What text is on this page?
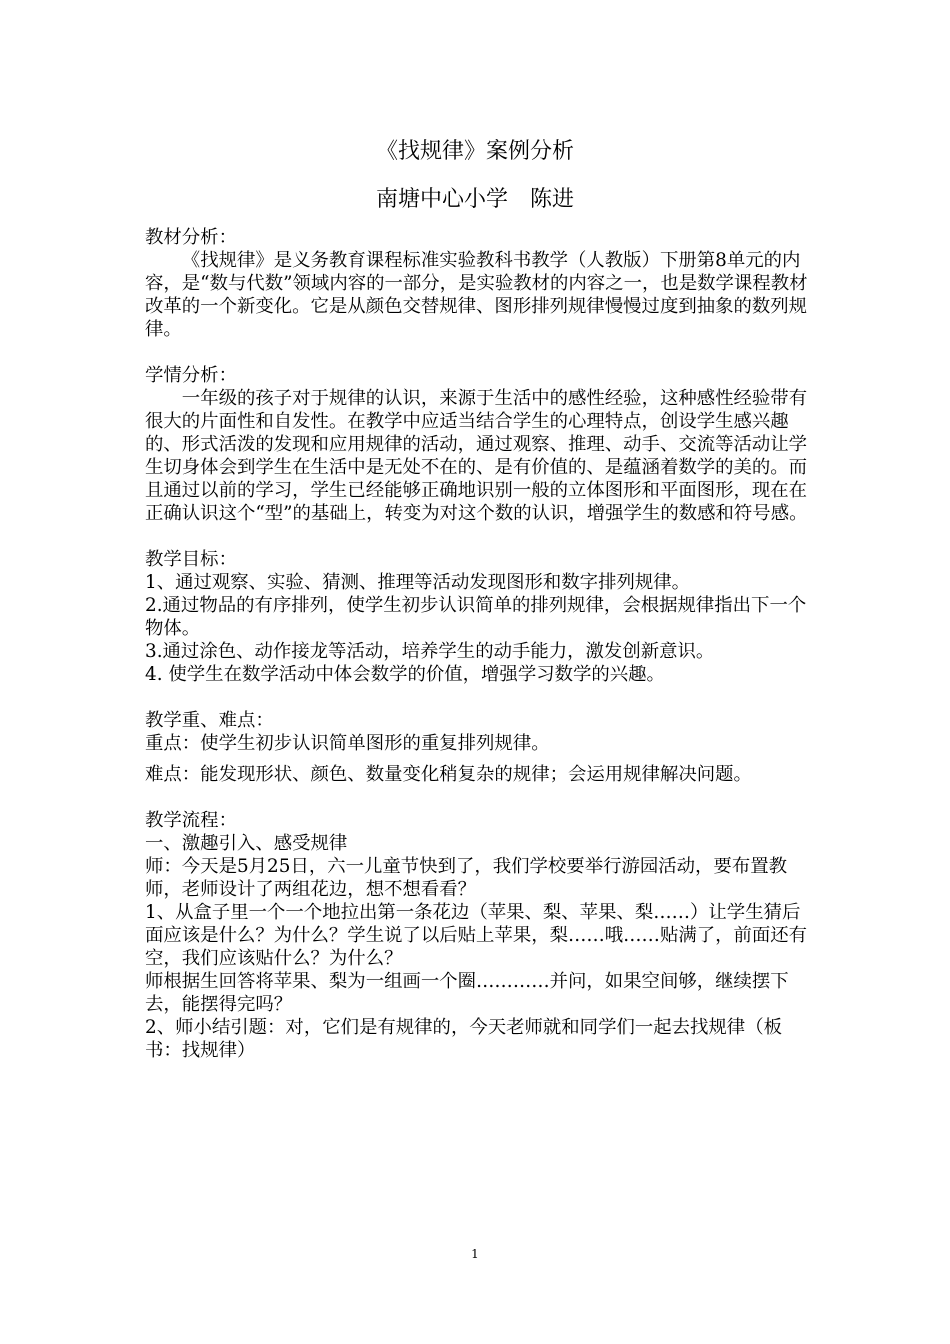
《找规律》案例分析
南塘中心小学　陈进

教材分析：

《找规律》是义务教育课程标准实验教科书教学（人教版）下册第8单元的内容，是“数与代数”领域内容的一部分，是实验教材的内容之一，也是数学课程教材改革的一个新变化。它是从颜色交替规律、图形排列规律慢慢过度到抽象的数列规律。

学情分析：

一年级的孩子对于规律的认识，来源于生活中的感性经验，这种感性经验带有很大的片面性和自发性。在教学中应适当结合学生的心理特点，创设学生感兴趣的、形式活泼的发现和应用规律的活动，通过观察、推理、动手、交流等活动让学生切身体会到学生在生活中是无处不在的、是有价值的、是蕴涵着数学的美的。而且通过以前的学习，学生已经能够正确地识别一般的立体图形和平面图形，现在在正确认识这个“型”的基础上，转变为对这个数的认识，增强学生的数感和符号感。

教学目标：

1、通过观察、实验、猜测、推理等活动发现图形和数字排列规律。

2.通过物品的有序排列，使学生初步认识简单的排列规律，会根据规律指出下一个物体。

3.通过涂色、动作接龙等活动，培养学生的动手能力，激发创新意识。

4. 使学生在数学活动中体会数学的价值，增强学习数学的兴趣。

教学重、难点：

重点：使学生初步认识简单图形的重复排列规律。

难点：能发现形状、颜色、数量变化稍复杂的规律；会运用规律解决问题。

教学流程：

一、激趣引入、感受规律

师：今天是5月25日，六一儿童节快到了，我们学校要举行游园活动，要布置教师，老师设计了两组花边，想不想看看？

1、从盒子里一个一个地拉出第一条花边（苹果、梨、苹果、梨……）让学生猜后面应该是什么？为什么？学生说了以后贴上苹果，梨……哦……贴满了，前面还有空，我们应该贴什么？为什么？

师根据生回答将苹果、梨为一组画一个圈…………并问，如果空间够，继续摆下去，能摆得完吗？

2、师小结引题：对，它们是有规律的，今天老师就和同学们一起去找规律（板书：找规律）

1
